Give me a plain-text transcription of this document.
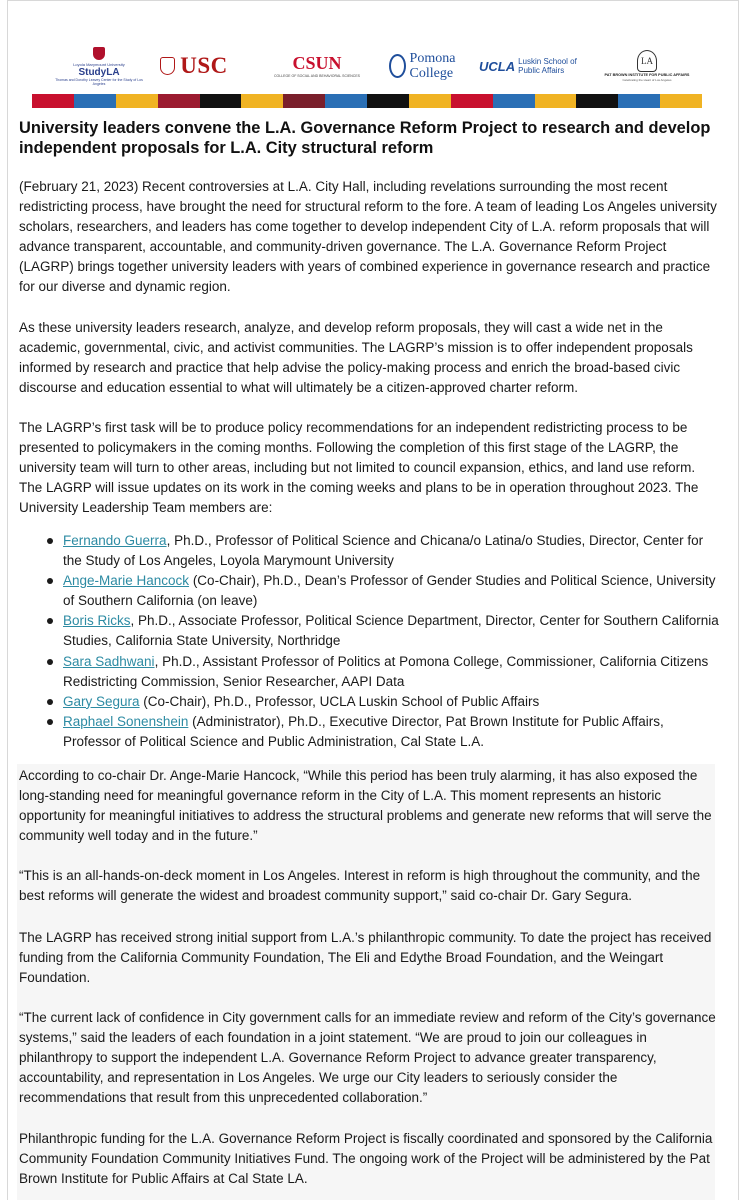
Loyola Marymount University
StudyLA
Thomas and Dorothy Leavey Center for the Study of Los Angeles
USC	CSUN
COLLEGE OF SOCIAL AND BEHAVIORAL SCIENCES
Pomona
College UCLA Luskin School of Public Affairs
LA
PAT BROWN INSTITUTE FOR PUBLIC AFFAIRS
Celebrating the Heart of Los Angeles
University leaders convene the L.A. Governance Reform Project to research and develop independent proposals for L.A. City structural reform

(February 21, 2023) Recent controversies at L.A. City Hall, including revelations surrounding the most recent redistricting process, have brought the need for structural reform to the fore. A team of leading Los Angeles university scholars, researchers, and leaders has come together to develop independent City of L.A. reform proposals that will advance transparent, accountable, and community-driven governance. The L.A. Governance Reform Project (LAGRP) brings together university leaders with years of combined experience in governance research and practice for our diverse and dynamic region.

As these university leaders research, analyze, and develop reform proposals, they will cast a wide net in the academic, governmental, civic, and activist communities. The LAGRP’s mission is to offer independent proposals informed by research and practice that help advise the policy-making process and enrich the broad-based civic discourse and education essential to what will ultimately be a citizen-approved charter reform.

The LAGRP’s first task will be to produce policy recommendations for an independent redistricting process to be presented to policymakers in the coming months. Following the completion of this first stage of the LAGRP, the university team will turn to other areas, including but not limited to council expansion, ethics, and land use reform. The LAGRP will issue updates on its work in the coming weeks and plans to be in operation throughout 2023. The University Leadership Team members are:

Fernando Guerra, Ph.D., Professor of Political Science and Chicana/o Latina/o Studies, Director, Center for the Study of Los Angeles, Loyola Marymount University
Ange-Marie Hancock (Co-Chair), Ph.D., Dean’s Professor of Gender Studies and Political Science, University of Southern California (on leave)
Boris Ricks, Ph.D., Associate Professor, Political Science Department, Director, Center for Southern California Studies, California State University, Northridge
Sara Sadhwani, Ph.D., Assistant Professor of Politics at Pomona College, Commissioner, California Citizens Redistricting Commission, Senior Researcher, AAPI Data
Gary Segura (Co-Chair), Ph.D., Professor, UCLA Luskin School of Public Affairs
Raphael Sonenshein (Administrator), Ph.D., Executive Director, Pat Brown Institute for Public Affairs, Professor of Political Science and Public Administration, Cal State L.A.

According to co-chair Dr. Ange-Marie Hancock, “While this period has been truly alarming, it has also exposed the long-standing need for meaningful governance reform in the City of L.A. This moment represents an historic opportunity for meaningful initiatives to address the structural problems and generate new reforms that will serve the community well today and in the future.”

“This is an all-hands-on-deck moment in Los Angeles. Interest in reform is high throughout the community, and the best reforms will generate the widest and broadest community support,” said co-chair Dr. Gary Segura.

The LAGRP has received strong initial support from L.A.’s philanthropic community. To date the project has received funding from the California Community Foundation, The Eli and Edythe Broad Foundation, and the Weingart Foundation.

“The current lack of confidence in City government calls for an immediate review and reform of the City’s governance systems,” said the leaders of each foundation in a joint statement. “We are proud to join our colleagues in philanthropy to support the independent L.A. Governance Reform Project to advance greater transparency, accountability, and representation in Los Angeles. We urge our City leaders to seriously consider the recommendations that result from this unprecedented collaboration.”

Philanthropic funding for the L.A. Governance Reform Project is fiscally coordinated and sponsored by the California Community Foundation Community Initiatives Fund. The ongoing work of the Project will be administered by the Pat Brown Institute for Public Affairs at Cal State LA.
